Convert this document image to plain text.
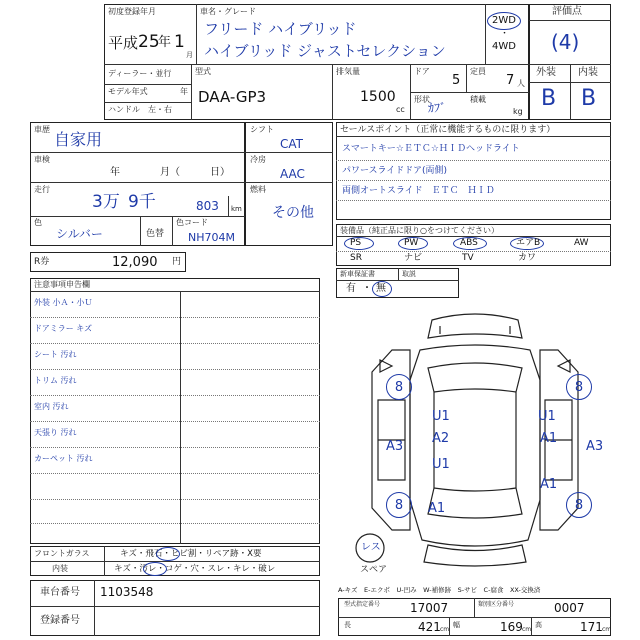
初度登録年月
平成 25
年 1
月
車名・グレード
フリード ハイブリッド
ハイブリッド ジャストセレクション
2WD
・
4WD
ディーラー・並行
モデル年式	年
ハンドル　左・右
型式
DAA-GP3
排気量
1500
cc
ドア
5
定員
7 人
形状
ｶﾌﾞ
積載
kg
評価点
(4)
外装 内装
B B
車歴
自家用
車検
年　　　　月（　　　日）
走行
3万 9千	803 km
色
シルバー	色替
色コード
NH704M
シフト
CAT
冷房
AAC
燃料
その他
R券	12,090 円
セールスポイント（正常に機能するものに限ります）
スマートキー☆ＥＴＣ☆ＨＩＤヘッドライト
パワースライドドア(両側)
両側オートスライド　ＥＴＣ　ＨＩＤ
装備品（純正品に限り○をつけてください）
PS	PW	ABS	エアB	AW
SR	ナビ	TV	カワ
新車保証書	取説
有 ・ 無
注意事項申告欄
外装 小Ａ・小Ｕ
ドアミラー キズ
シート 汚れ
トリム 汚れ
室内 汚れ
天張り 汚れ
カーペット 汚れ
フロントガラス	キズ・飛石・ヒビ割・リペア跡・X要
内装	キズ・汚レ・コゲ・穴・スレ・キレ・破レ
車台番号 1103548
登録番号
レス
スペア
8	8
8	8
U1	U1
A2	A1
U1
A3	A3
A1
A1
A-キズ　E-エクボ　U-凹み　W-補修跡　S-サビ　C-腐食　XX-交換済
型式指定番号 17007	類別区分番号	0007
長	421 cm
幅	169 cm
高	171 cm
